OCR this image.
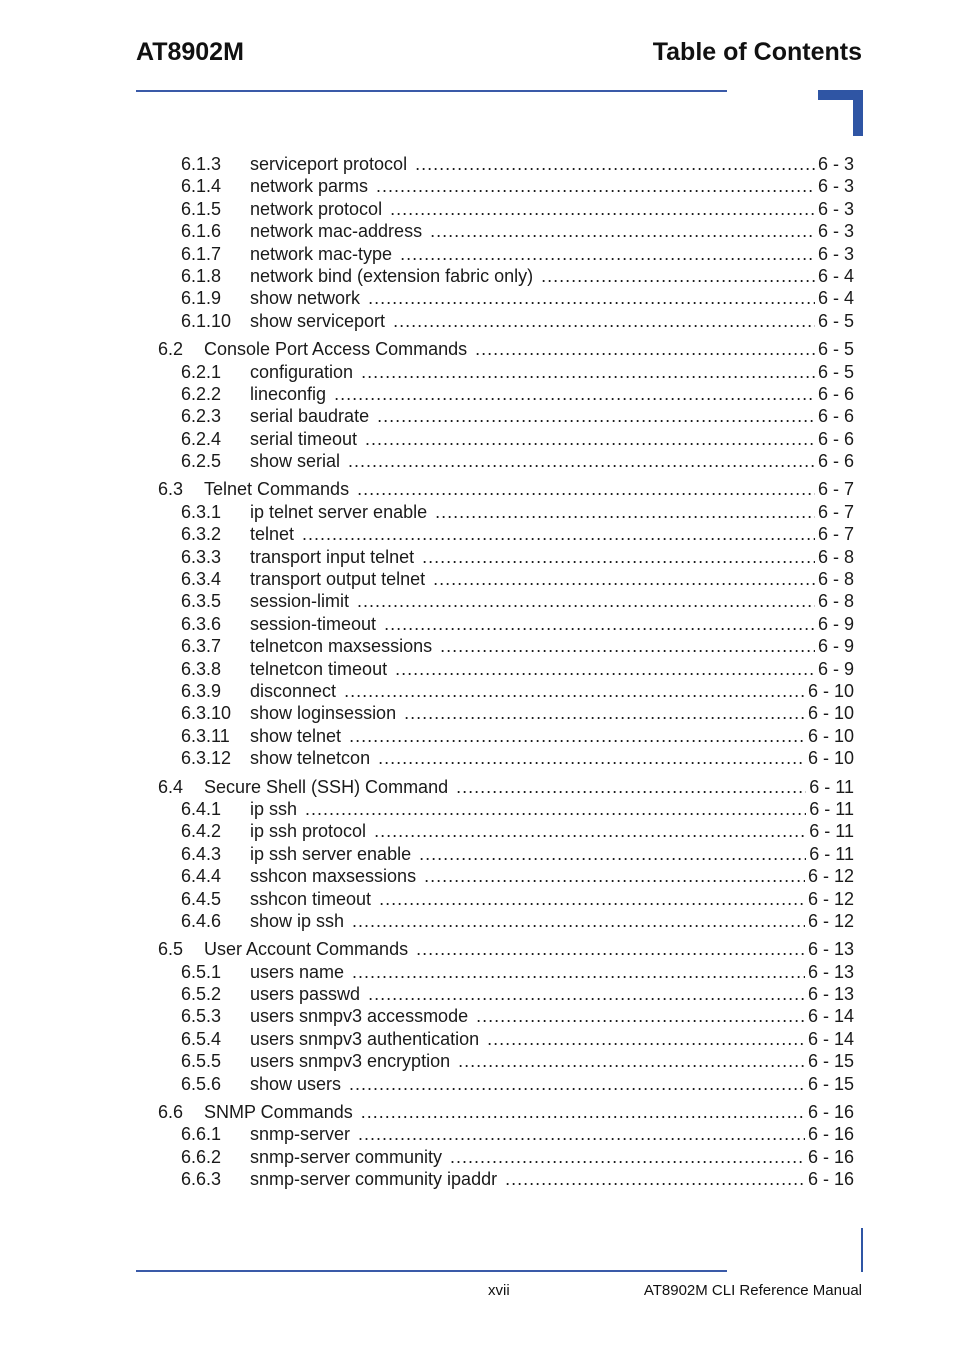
AT8902M	Table of Contents
6.1.3 serviceport protocol .....	6 - 3
6.1.4 network parms .....	6 - 3
6.1.5 network protocol .....	6 - 3
6.1.6 network mac-address .....	6 - 3
6.1.7 network mac-type .....	6 - 3
6.1.8 network bind (extension fabric only) .....	6 - 4
6.1.9 show network .....	6 - 4
6.1.10 show serviceport .....	6 - 5
6.2 Console Port Access Commands .....	6 - 5
6.2.1 configuration .....	6 - 5
6.2.2 lineconfig .....	6 - 6
6.2.3 serial baudrate .....	6 - 6
6.2.4 serial timeout .....	6 - 6
6.2.5 show serial .....	6 - 6
6.3 Telnet Commands .....	6 - 7
6.3.1 ip telnet server enable .....	6 - 7
6.3.2 telnet .....	6 - 7
6.3.3 transport input telnet .....	6 - 8
6.3.4 transport output telnet .....	6 - 8
6.3.5 session-limit .....	6 - 8
6.3.6 session-timeout .....	6 - 9
6.3.7 telnetcon maxsessions .....	6 - 9
6.3.8 telnetcon timeout .....	6 - 9
6.3.9 disconnect .....	6 - 10
6.3.10 show loginsession .....	6 - 10
6.3.11 show telnet .....	6 - 10
6.3.12 show telnetcon .....	6 - 10
6.4 Secure Shell (SSH) Command .....	6 - 11
6.4.1 ip ssh .....	6 - 11
6.4.2 ip ssh protocol .....	6 - 11
6.4.3 ip ssh server enable .....	6 - 11
6.4.4 sshcon maxsessions .....	6 - 12
6.4.5 sshcon timeout .....	6 - 12
6.4.6 show ip ssh .....	6 - 12
6.5 User Account Commands .....	6 - 13
6.5.1 users name .....	6 - 13
6.5.2 users passwd .....	6 - 13
6.5.3 users snmpv3 accessmode .....	6 - 14
6.5.4 users snmpv3 authentication .....	6 - 14
6.5.5 users snmpv3 encryption .....	6 - 15
6.5.6 show users .....	6 - 15
6.6 SNMP Commands .....	6 - 16
6.6.1 snmp-server .....	6 - 16
6.6.2 snmp-server community .....	6 - 16
6.6.3 snmp-server community ipaddr .....	6 - 16
xvii	AT8902M CLI Reference Manual
